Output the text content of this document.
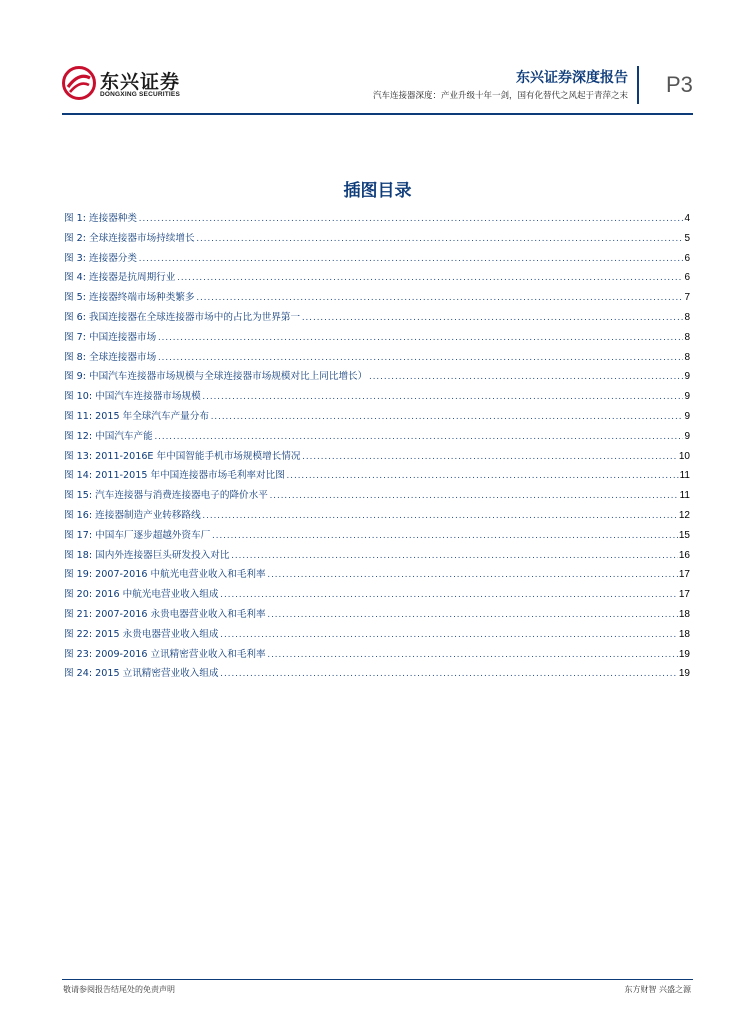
东兴证券
DONGXING SECURITIES
东兴证券深度报告
汽车连接器深度：产业升级十年一剑，国有化替代之风起于青萍之末 P3
插图目录
图 1: 连接器种类 .....	4
图 2: 全球连接器市场持续增长 .....	5
图 3: 连接器分类 .....	6
图 4: 连接器是抗周期行业 .....	6
图 5: 连接器终端市场种类繁多 .....	7
图 6: 我国连接器在全球连接器市场中的占比为世界第一 .....	8
图 7: 中国连接器市场 .....	8
图 8: 全球连接器市场 .....	8
图 9: 中国汽车连接器市场规模与全球连接器市场规模对比上同比增长） .....	9
图 10: 中国汽车连接器市场规模 .....	9
图 11: 2015 年全球汽车产量分布 .....	9
图 12: 中国汽车产能 .....	9
图 13: 2011-2016E 年中国智能手机市场规模增长情况 .....	10
图 14: 2011-2015 年中国连接器市场毛利率对比图 .....	11
图 15: 汽车连接器与消费连接器电子的降价水平 .....	11
图 16: 连接器制造产业转移路线 .....	12
图 17: 中国车厂逐步超越外资车厂 .....	15
图 18: 国内外连接器巨头研发投入对比 .....	16
图 19: 2007-2016 中航光电营业收入和毛利率 .....	17
图 20: 2016 中航光电营业收入组成 .....	17
图 21: 2007-2016 永贵电器营业收入和毛利率 .....	18
图 22: 2015 永贵电器营业收入组成 .....	18
图 23: 2009-2016 立讯精密营业收入和毛利率 .....	19
图 24: 2015 立讯精密营业收入组成 .....	19
敬请参阅报告结尾处的免责声明	东方财智 兴盛之源
